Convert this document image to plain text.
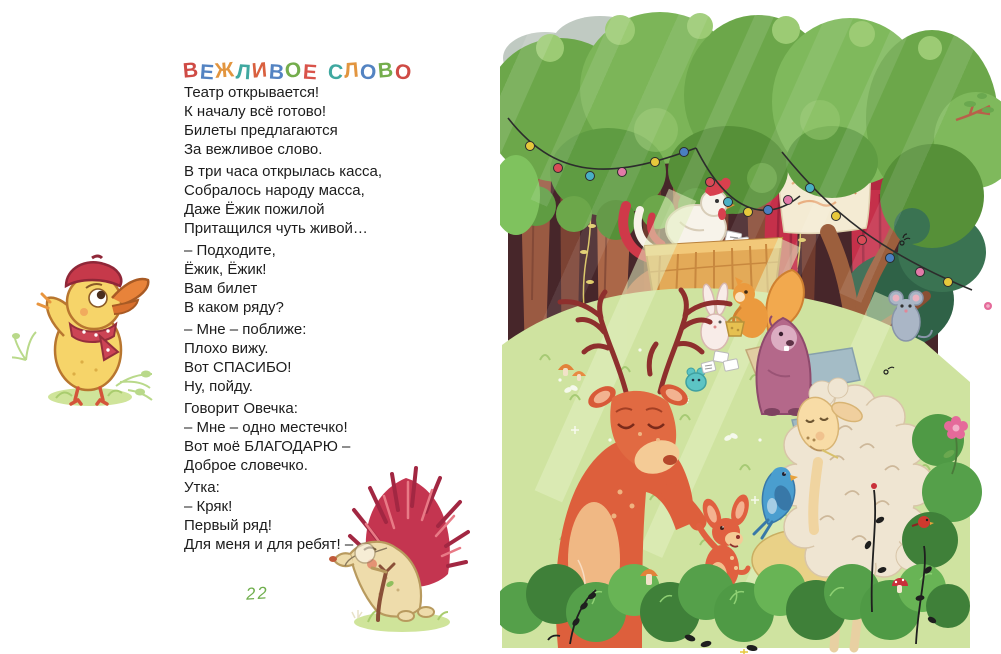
ВЕЖЛИВОЕ СЛОВО
Театр открывается!
К началу всё готово!
Билеты предлагаются
За вежливое слово.
В три часа открылась касса,
Собралось народу масса,
Даже Ёжик пожилой
Притащился чуть живой…
– Подходите,
Ёжик, Ёжик!
Вам билет
В каком ряду?
– Мне – поближе:
Плохо вижу.
Вот СПАСИБО!
Ну, пойду.
Говорит Овечка:
– Мне – одно местечко!
Вот моё БЛАГОДАРЮ –
Доброе словечко.
Утка:
– Кряк!
Первый ряд!
Для меня и для ребят! –
22
